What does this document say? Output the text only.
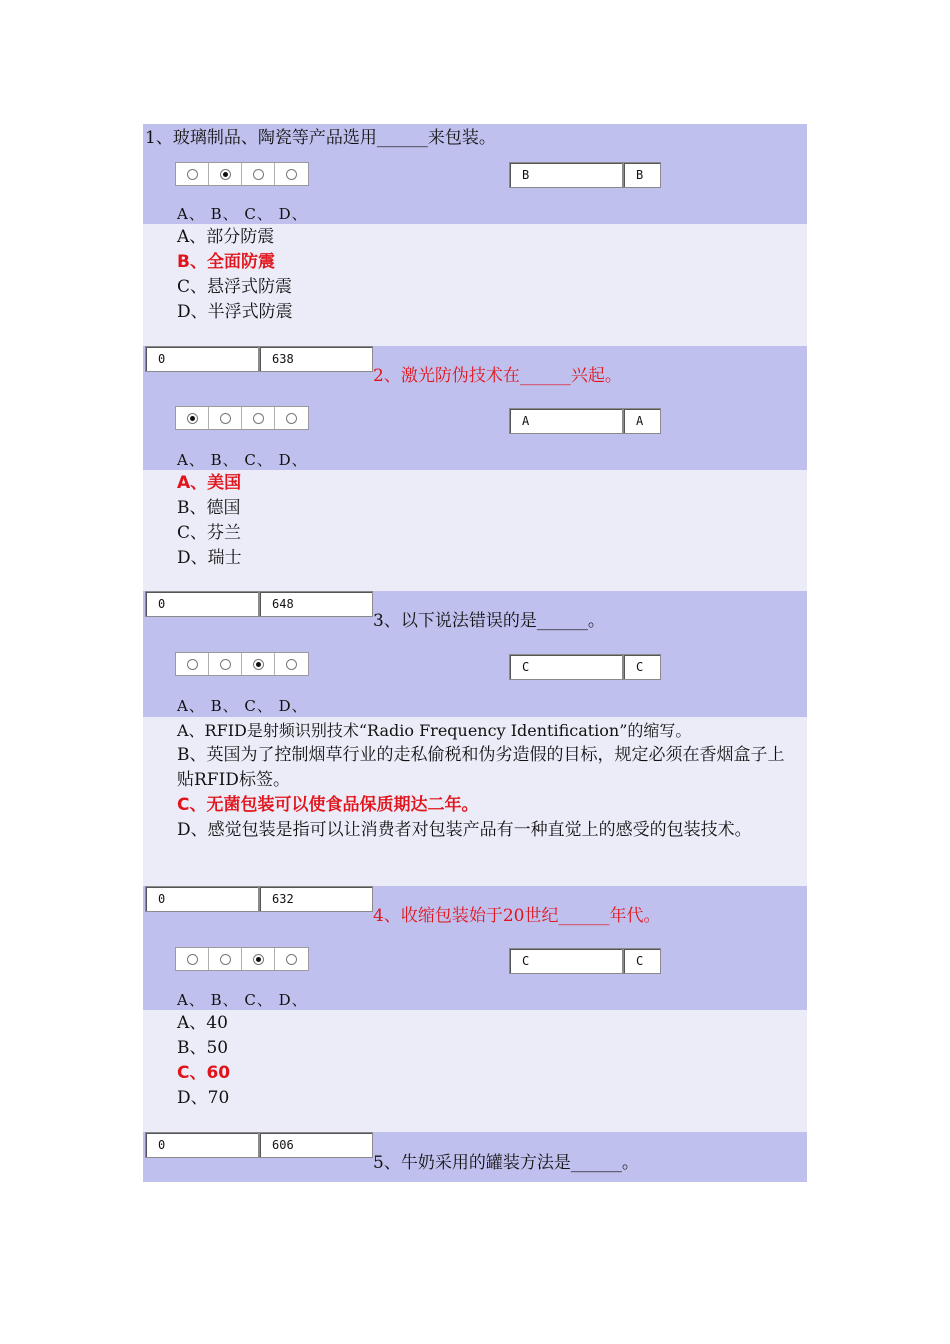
1、玻璃制品、陶瓷等产品选用______来包装。
B	B
A、 B、 C、 D、
A、部分防震
B、全面防震
C、悬浮式防震
D、半浮式防震
0	638
2、激光防伪技术在______兴起。
A	A
A、 B、 C、 D、
A、美国
B、德国
C、芬兰
D、瑞士
0	648
3、以下说法错误的是______。
C	C
A、 B、 C、 D、
A、RFID是射频识别技术“Radio Frequency Identification”的缩写。
B、英国为了控制烟草行业的走私偷税和伪劣造假的目标，规定必须在香烟盒子上贴RFID标签。
C、无菌包装可以使食品保质期达二年。
D、感觉包装是指可以让消费者对包装产品有一种直觉上的感受的包装技术。
0	632
4、收缩包装始于20世纪______年代。
C	C
A、 B、 C、 D、
A、40
B、50
C、60
D、70
0	606
5、牛奶采用的罐装方法是______。
